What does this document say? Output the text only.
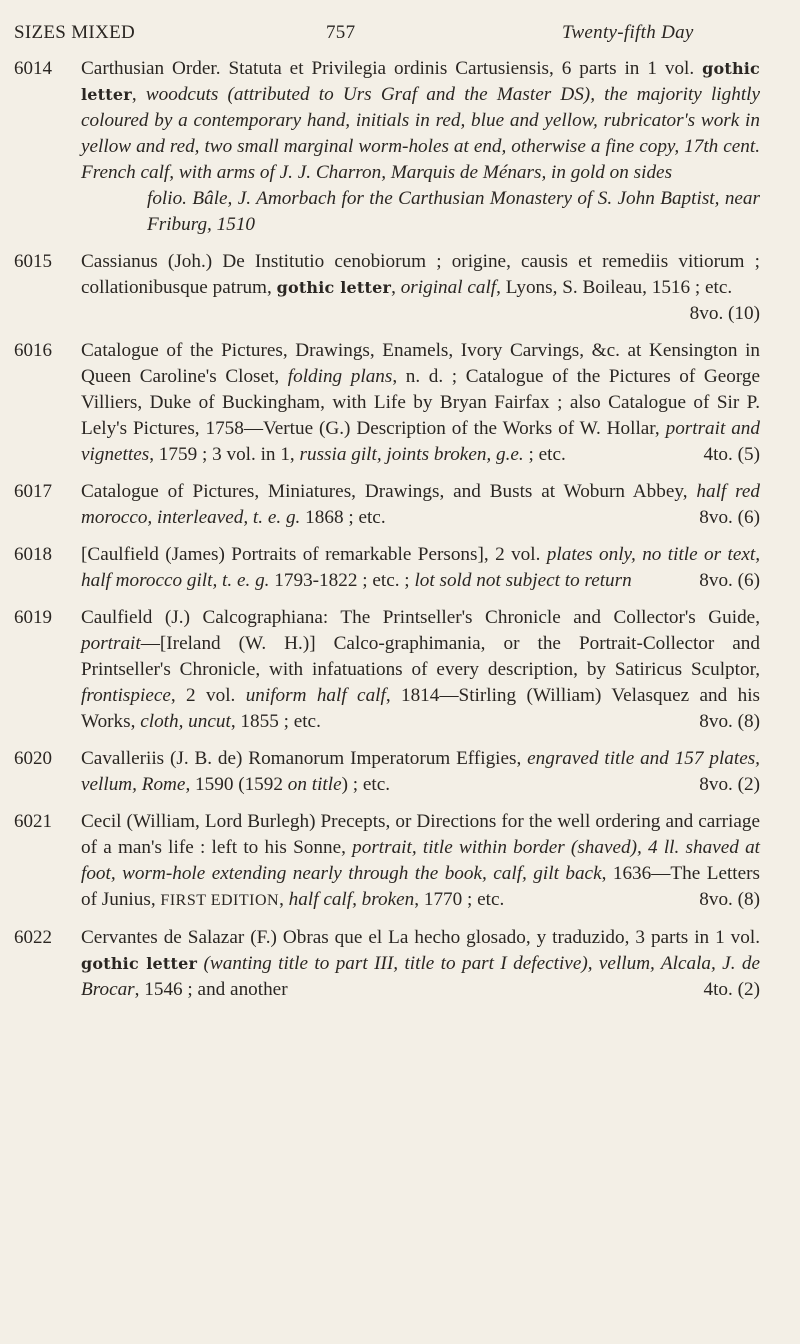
SIZES MIXED	757	Twenty-fifth Day
6014	Carthusian Order. Statuta et Privilegia ordinis Cartusiensis, 6 parts in 1 vol. gothic letter, woodcuts (attributed to Urs Graf and the Master DS), the majority lightly coloured by a contemporary hand, initials in red, blue and yellow, rubricator's work in yellow and red, two small marginal worm-holes at end, otherwise a fine copy, 17th cent. French calf, with arms of J. J. Charron, Marquis de Ménars, in gold on sides
folio. Bâle, J. Amorbach for the Carthusian Monastery of S. John Baptist, near Friburg, 1510
6015	Cassianus (Joh.) De Institutio cenobiorum ; origine, causis et remediis vitiorum ; collationibusque patrum, gothic letter, original calf, Lyons, S. Boileau, 1516 ; etc.
8vo. (10)
6016	Catalogue of the Pictures, Drawings, Enamels, Ivory Carvings, &c. at Kensington in Queen Caroline's Closet, folding plans, n. d. ; Catalogue of the Pictures of George Villiers, Duke of Buckingham, with Life by Bryan Fairfax ; also Catalogue of Sir P. Lely's Pictures, 1758—Vertue (G.) Description of the Works of W. Hollar, portrait and vignettes, 1759 ; 3 vol. in 1, russia gilt, joints broken, g.e. ; etc.	4to. (5)
6017	Catalogue of Pictures, Miniatures, Drawings, and Busts at Woburn Abbey, half red morocco, interleaved, t. e. g. 1868 ; etc.	8vo. (6)
6018	[Caulfield (James) Portraits of remarkable Persons], 2 vol. plates only, no title or text, half morocco gilt, t. e. g. 1793-1822 ; etc. ; lot sold not subject to return	8vo. (6)
6019	Caulfield (J.) Calcographiana: The Printseller's Chronicle and Collector's Guide, portrait—[Ireland (W. H.)] Calco-graphimania, or the Portrait-Collector and Printseller's Chronicle, with infatuations of every description, by Satiricus Sculptor, frontispiece, 2 vol. uniform half calf, 1814—Stirling (William) Velasquez and his Works, cloth, uncut, 1855 ; etc.	8vo. (8)
6020	Cavalleriis (J. B. de) Romanorum Imperatorum Effigies, engraved title and 157 plates, vellum, Rome, 1590 (1592 on title) ; etc.	8vo. (2)
6021	Cecil (William, Lord Burlegh) Precepts, or Directions for the well ordering and carriage of a man's life : left to his Sonne, portrait, title within border (shaved), 4 ll. shaved at foot, worm-hole extending nearly through the book, calf, gilt back, 1636—The Letters of Junius, FIRST EDITION, half calf, broken, 1770 ; etc.	8vo. (8)
6022	Cervantes de Salazar (F.) Obras que el La hecho glosado, y traduzido, 3 parts in 1 vol. gothic letter (wanting title to part III, title to part I defective), vellum, Alcala, J. de Brocar, 1546 ; and another	4to. (2)
